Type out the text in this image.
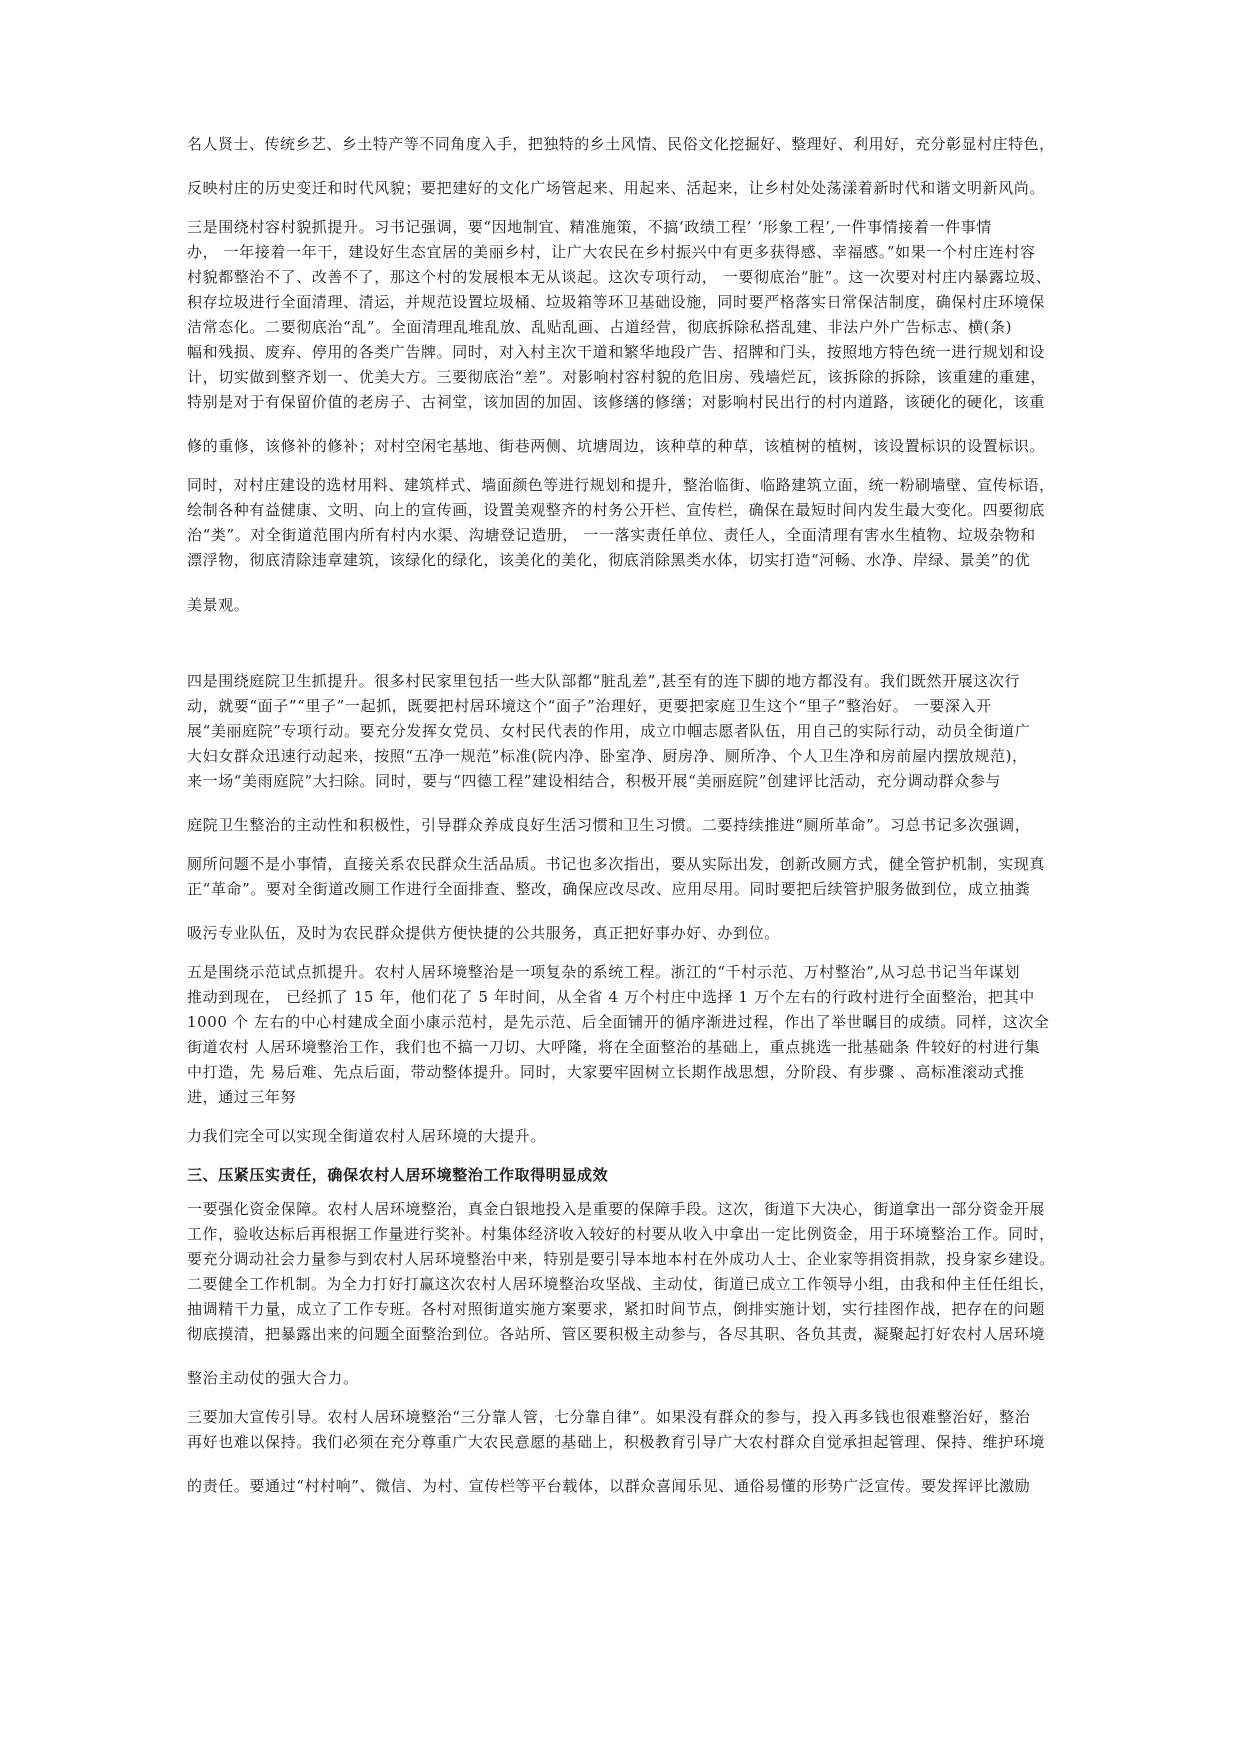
名人贤士、传统乡艺、乡土特产等不同角度入手，把独特的乡土风情、民俗文化挖掘好、整理好、利用好，充分彰显村庄特色，
反映村庄的历史变迁和时代风貌；要把建好的文化广场管起来、用起来、活起来，让乡村处处荡漾着新时代和谐文明新风尚。
三是围绕村容村貌抓提升。习书记强调，要“因地制宜、精准施策，不搞‘政绩工程’ ‘形象工程’,一件事情接着一件事情
办， 一年接着一年干，建设好生态宜居的美丽乡村，让广大农民在乡村振兴中有更多获得感、幸福感。”如果一个村庄连村容
村貌都整治不了、改善不了，那这个村的发展根本无从谈起。这次专项行动， 一要彻底治“脏”。这一次要对村庄内暴露垃圾、
积存垃圾进行全面清理、清运，并规范设置垃圾桶、垃圾箱等环卫基础设施，同时要严格落实日常保洁制度，确保村庄环境保
洁常态化。二要彻底治“乱”。全面清理乱堆乱放、乱贴乱画、占道经营，彻底拆除私搭乱建、非法户外广告标志、横(条)
幅和残损、废弃、停用的各类广告牌。同时，对入村主次干道和繁华地段广告、招牌和门头，按照地方特色统一进行规划和设
计，切实做到整齐划一、优美大方。三要彻底治“差”。对影响村容村貌的危旧房、残墙烂瓦，该拆除的拆除，该重建的重建，
特别是对于有保留价值的老房子、古祠堂，该加固的加固、该修缮的修缮；对影响村民出行的村内道路，该硬化的硬化，该重
修的重修，该修补的修补；对村空闲宅基地、街巷两侧、坑塘周边，该种草的种草，该植树的植树，该设置标识的设置标识。
同时，对村庄建设的选材用料、建筑样式、墙面颜色等进行规划和提升，整治临街、临路建筑立面，统一粉刷墙壁、宣传标语，
绘制各种有益健康、文明、向上的宣传画，设置美观整齐的村务公开栏、宣传栏，确保在最短时间内发生最大变化。四要彻底
治“类”。对全街道范围内所有村内水渠、沟塘登记造册， 一一落实责任单位、责任人，全面清理有害水生植物、垃圾杂物和
漂浮物，彻底清除违章建筑，该绿化的绿化，该美化的美化，彻底消除黑类水体，切实打造“河畅、水净、岸绿、景美”的优
美景观。
四是围绕庭院卫生抓提升。很多村民家里包括一些大队部都“脏乱差”,甚至有的连下脚的地方都没有。我们既然开展这次行
动，就要“面子”“里子”一起抓，既要把村居环境这个“面子”治理好，更要把家庭卫生这个“里子”整治好。 一要深入开
展“美丽庭院”专项行动。要充分发挥女党员、女村民代表的作用，成立巾帼志愿者队伍，用自己的实际行动，动员全街道广
大妇女群众迅速行动起来，按照“五净一规范”标准(院内净、卧室净、厨房净、厕所净、个人卫生净和房前屋内摆放规范)，
来一场“美雨庭院”大扫除。同时，要与“四德工程”建设相结合，积极开展“美丽庭院”创建评比活动，充分调动群众参与
庭院卫生整治的主动性和积极性，引导群众养成良好生活习惯和卫生习惯。二要持续推进“厕所革命”。习总书记多次强调，
厕所问题不是小事情，直接关系农民群众生活品质。书记也多次指出，要从实际出发，创新改厕方式，健全管护机制，实现真
正“革命”。要对全街道改厕工作进行全面排查、整改，确保应改尽改、应用尽用。同时要把后续管护服务做到位，成立抽粪
吸污专业队伍，及时为农民群众提供方便快捷的公共服务，真正把好事办好、办到位。
五是围绕示范试点抓提升。农村人居环境整治是一项复杂的系统工程。浙江的“千村示范、万村整治”,从习总书记当年谋划
推动到现在， 已经抓了 15 年，他们花了 5 年时间，从全省 4 万个村庄中选择 1 万个左右的行政村进行全面整治，把其中
1000 个 左右的中心村建成全面小康示范村，是先示范、后全面铺开的循序渐进过程，作出了举世瞩目的成绩。同样，这次全
街道农村 人居环境整治工作，我们也不搞一刀切、大呼隆，将在全面整治的基础上，重点挑选一批基础条 件较好的村进行集
中打造，先 易后难、先点后面，带动整体提升。同时，大家要牢固树立长期作战思想，分阶段、有步骤 、高标准滚动式推
进，通过三年努
力我们完全可以实现全街道农村人居环境的大提升。
三、压紧压实责任，确保农村人居环境整治工作取得明显成效
一要强化资金保障。农村人居环境整治，真金白银地投入是重要的保障手段。这次，街道下大决心，街道拿出一部分资金开展
工作，验收达标后再根据工作量进行奖补。村集体经济收入较好的村要从收入中拿出一定比例资金，用于环境整治工作。同时，
要充分调动社会力量参与到农村人居环境整治中来，特别是要引导本地本村在外成功人士、企业家等捐资捐款，投身家乡建设。
二要健全工作机制。为全力打好打赢这次农村人居环境整治攻坚战、主动仗，街道已成立工作领导小组，由我和仲主任任组长，
抽调精干力量，成立了工作专班。各村对照街道实施方案要求，紧扣时间节点，倒排实施计划，实行挂图作战，把存在的问题
彻底摸清，把暴露出来的问题全面整治到位。各站所、管区要积极主动参与，各尽其职、各负其责，凝聚起打好农村人居环境
整治主动仗的强大合力。
三要加大宣传引导。农村人居环境整治“三分靠人管，七分靠自律”。如果没有群众的参与，投入再多钱也很难整治好，整治
再好也难以保持。我们必须在充分尊重广大农民意愿的基础上，积极教育引导广大农村群众自觉承担起管理、保持、维护环境
的责任。要通过“村村响”、微信、为村、宣传栏等平台载体，以群众喜闻乐见、通俗易懂的形势广泛宣传。要发挥评比激励
